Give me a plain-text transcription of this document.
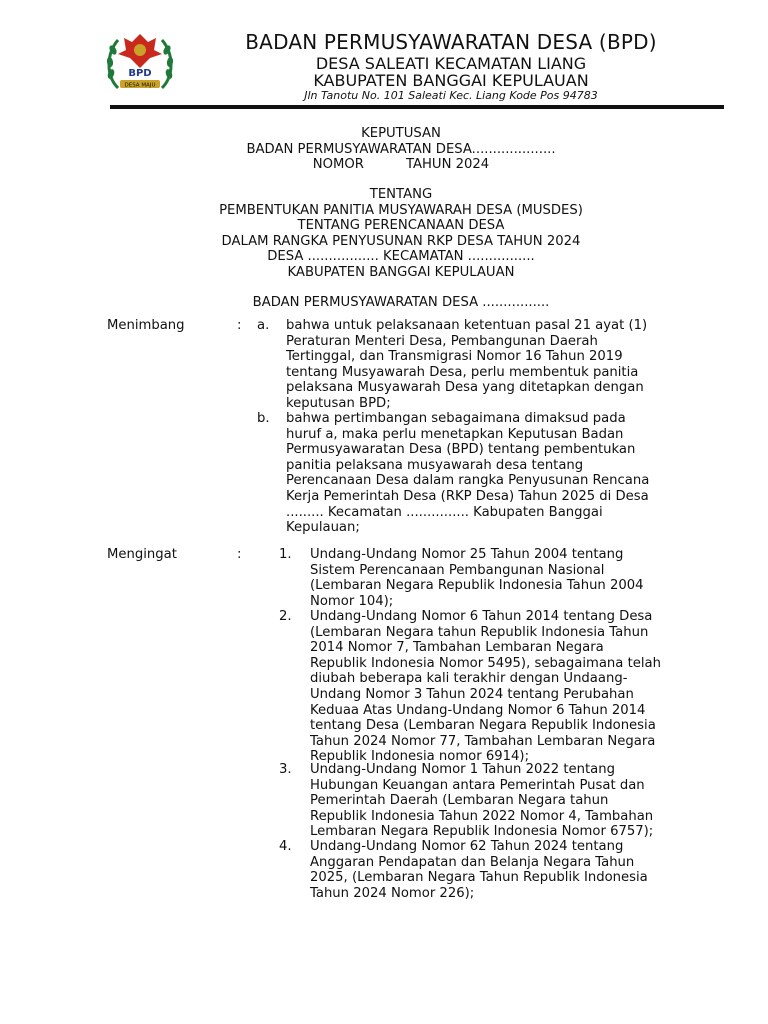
BPD
DESA MAJU
BADAN PERMUSYAWARATAN DESA (BPD)
DESA SALEATI KECAMATAN LIANG
KABUPATEN BANGGAI KEPULAUAN
Jln Tanotu No. 101 Saleati Kec. Liang Kode Pos 94783
KEPUTUSAN
BADAN PERMUSYAWARATAN DESA....................
NOMOR	TAHUN 2024
TENTANG
PEMBENTUKAN PANITIA MUSYAWARAH DESA (MUSDES)
TENTANG PERENCANAAN DESA
DALAM RANGKA PENYUSUNAN RKP DESA TAHUN 2024
DESA ................. KECAMATAN ................
KABUPATEN BANGGAI KEPULAUAN
BADAN PERMUSYAWARATAN DESA ................
Menimbang	: a. bahwa untuk pelaksanaan ketentuan pasal 21 ayat (1)
Peraturan Menteri Desa, Pembangunan Daerah
Tertinggal, dan Transmigrasi Nomor 16 Tahun 2019
tentang Musyawarah Desa, perlu membentuk panitia
pelaksana Musyawarah Desa yang ditetapkan dengan
keputusan BPD;
b. bahwa pertimbangan sebagaimana dimaksud pada
huruf a, maka perlu menetapkan Keputusan Badan
Permusyawaratan Desa (BPD) tentang pembentukan
panitia pelaksana musyawarah desa tentang
Perencanaan Desa dalam rangka Penyusunan Rencana
Kerja Pemerintah Desa (RKP Desa) Tahun 2025 di Desa
......... Kecamatan ............... Kabupaten Banggai
Kepulauan;
Mengingat	:	1. Undang-Undang Nomor 25 Tahun 2004 tentang
Sistem Perencanaan Pembangunan Nasional
(Lembaran Negara Republik Indonesia Tahun 2004
Nomor 104);
2. Undang-Undang Nomor 6 Tahun 2014 tentang Desa
(Lembaran Negara tahun Republik Indonesia Tahun
2014 Nomor 7, Tambahan Lembaran Negara
Republik Indonesia Nomor 5495), sebagaimana telah
diubah beberapa kali terakhir dengan Undaang-
Undang Nomor 3 Tahun 2024 tentang Perubahan
Keduaa Atas Undang-Undang Nomor 6 Tahun 2014
tentang Desa (Lembaran Negara Republik Indonesia
Tahun 2024 Nomor 77, Tambahan Lembaran Negara
Republik Indonesia nomor 6914);
3. Undang-Undang Nomor 1 Tahun 2022 tentang
Hubungan Keuangan antara Pemerintah Pusat dan
Pemerintah Daerah (Lembaran Negara tahun
Republik Indonesia Tahun 2022 Nomor 4, Tambahan
Lembaran Negara Republik Indonesia Nomor 6757);
4. Undang-Undang Nomor 62 Tahun 2024 tentang
Anggaran Pendapatan dan Belanja Negara Tahun
2025, (Lembaran Negara Tahun Republik Indonesia
Tahun 2024 Nomor 226);
